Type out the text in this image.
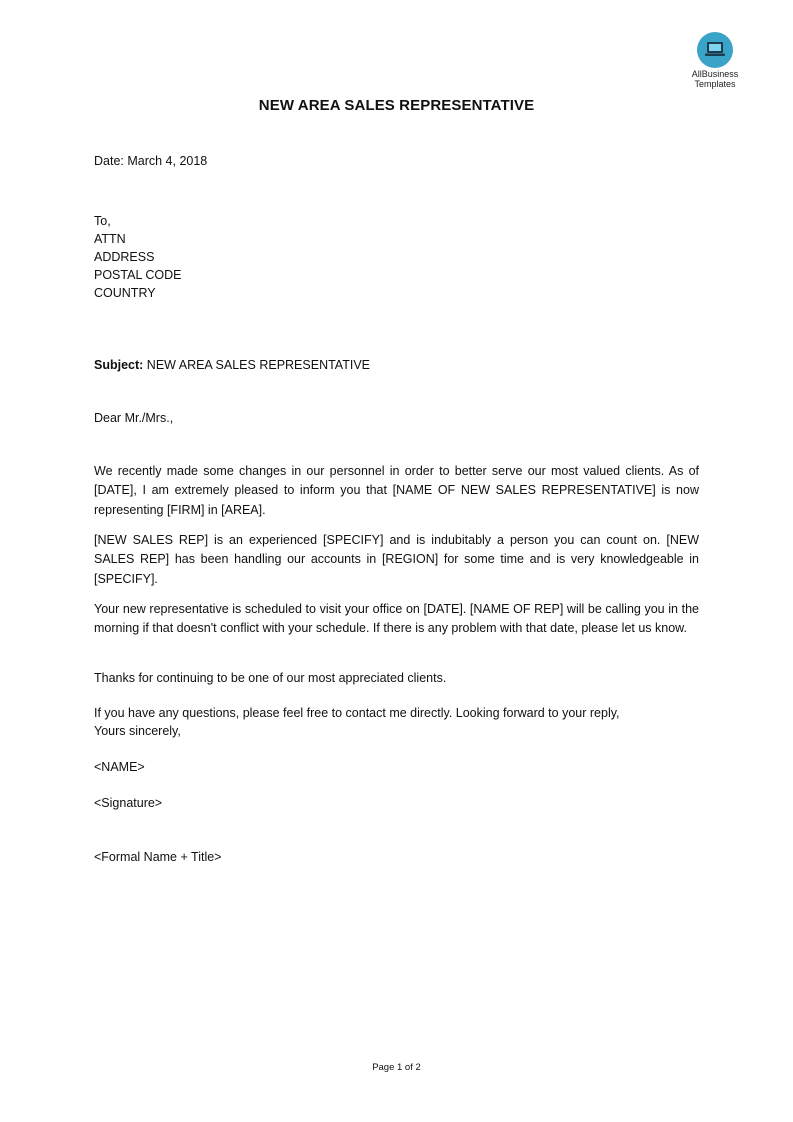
AllBusiness
Templates
NEW AREA SALES REPRESENTATIVE
Date: March 4, 2018
To,
ATTN
ADDRESS
POSTAL CODE
COUNTRY
Subject: NEW AREA SALES REPRESENTATIVE
Dear Mr./Mrs.,
We recently made some changes in our personnel in order to better serve our most valued clients. As of [DATE], I am extremely pleased to inform you that [NAME OF NEW SALES REPRESENTATIVE] is now representing [FIRM] in [AREA].
[NEW SALES REP] is an experienced [SPECIFY] and is indubitably a person you can count on. [NEW SALES REP] has been handling our accounts in [REGION] for some time and is very knowledgeable in [SPECIFY].
Your new representative is scheduled to visit your office on [DATE]. [NAME OF REP] will be calling you in the morning if that doesn't conflict with your schedule. If there is any problem with that date, please let us know.
Thanks for continuing to be one of our most appreciated clients.
If you have any questions, please feel free to contact me directly. Looking forward to your reply,
Yours sincerely,
<NAME>
<Signature>
<Formal Name + Title>
Page 1 of 2
